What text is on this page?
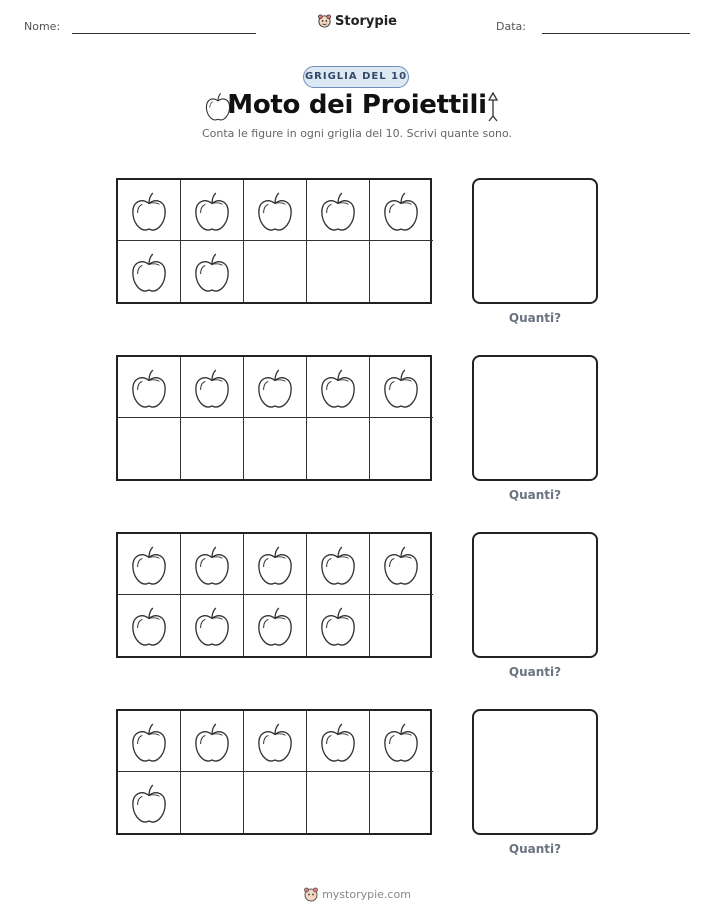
Nome:	Storypie	Data:
GRIGLIA DEL 10
Moto dei Proiettili
Conta le figure in ogni griglia del 10. Scrivi quante sono.
Quanti?
Quanti?
Quanti?
Quanti?
mystorypie.com
